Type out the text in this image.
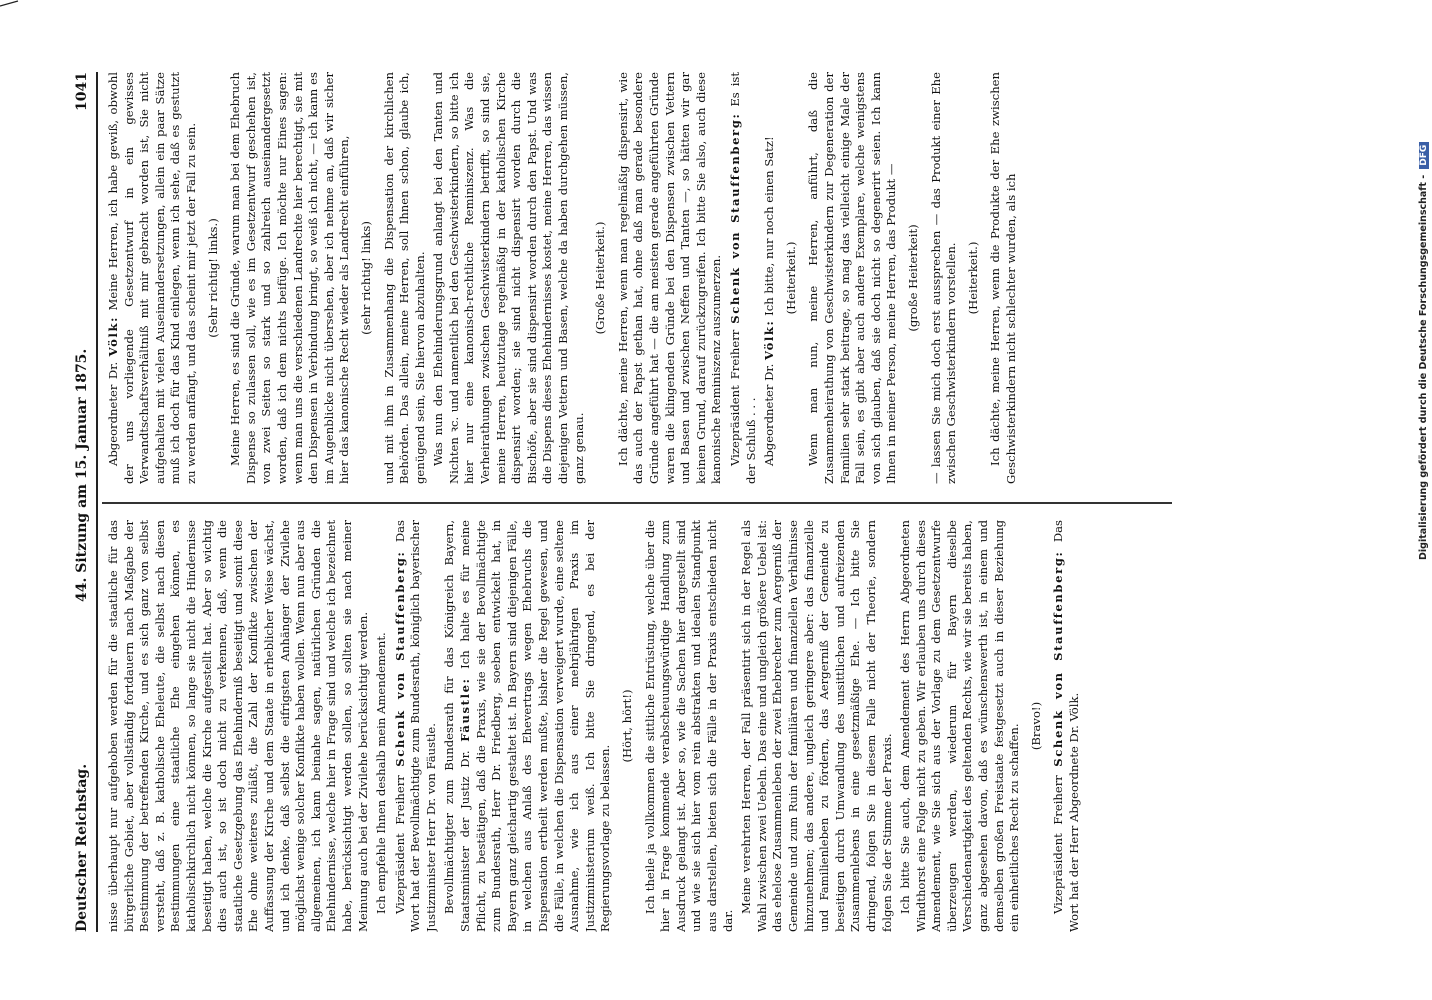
Deutscher Reichstag.
44. Sitzung am 15. Januar 1875.
1041

nisse überhaupt nur aufgehoben werden für die staatliche für das bürgerliche Gebiet, aber vollständig fortdauern nach Maßgabe der Bestimmung der betreffenden Kirche, und es sich ganz von selbst versteht, daß z. B. katholische Eheleute, die selbst nach diesen Bestimmungen eine staatliche Ehe eingehen können, es katholischkirchlich nicht können, so lange sie nicht die Hindernisse beseitigt haben, welche die Kirche aufgestellt hat. Aber so wichtig dies auch ist, so ist doch nicht zu verkennen, daß, wenn die staatliche Gesetzgebung das Ehehinderniß beseitigt und somit diese Ehe ohne weiteres zuläßt, die Zahl der Konflikte zwischen der Auffassung der Kirche und dem Staate in erheblicher Weise wächst, und ich denke, daß selbst die eifrigsten Anhänger der Zivilehe möglichst wenige solcher Konflikte haben wollen. Wenn nun aber aus allgemeinen, ich kann beinahe sagen, natürlichen Gründen die Ehehindernisse, welche hier in Frage sind und welche ich bezeichnet habe, berücksichtigt werden sollen, so sollten sie nach meiner Meinung auch bei der Zivilehe berücksichtigt werden. Ich empfehle Ihnen deshalb mein Amendement. Vizepräsident Freiherr Schenk von Stauffenberg: Das Wort hat der Bevollmächtigte zum Bundesrath, königlich bayerischer Justizminister Herr Dr. von Fäustle. Bevollmächtigter zum Bundesrath für das Königreich Bayern, Staatsminister der Justiz Dr. Fäustle: Ich halte es für meine Pflicht, zu bestätigen, daß die Praxis, wie sie der Bevollmächtigte zum Bundesrath, Herr Dr. Friedberg, soeben entwickelt hat, in Bayern ganz gleichartig gestaltet ist. In Bayern sind diejenigen Fälle, in welchen aus Anlaß des Ehevertrags wegen Ehebruchs die Dispensation ertheilt werden mußte, bisher die Regel gewesen, und die Fälle, in welchen die Dispensation verweigert wurde, eine seltene Ausnahme, wie ich aus einer mehrjährigen Praxis im Justizministerium weiß. Ich bitte Sie dringend, es bei der Regierungsvorlage zu belassen.

(Hört, hört!) Ich theile ja vollkommen die sittliche Entrüstung, welche über die hier in Frage kommende verabscheuungswürdige Handlung zum Ausdruck gelangt ist. Aber so, wie die Sachen hier dargestellt sind und wie sie sich hier vom rein abstrakten und idealen Standpunkt aus darstellen, bieten sich die Fälle in der Praxis entschieden nicht dar.

Meine verehrten Herren, der Fall präsentirt sich in der Regel als Wahl zwischen zwei Uebeln. Das eine und ungleich größere Uebel ist: das ehelose Zusammenleben der zwei Ehebrecher zum Aergerniß der Gemeinde und zum Ruin der familiären und finanziellen Verhältnisse hinzunehmen; das andere, ungleich geringere aber: das finanzielle und Familienleben zu fördern, das Aergerniß der Gemeinde zu beseitigen durch Umwandlung des unsittlichen und aufreizenden Zusammenlebens in eine gesetzmäßige Ehe. — Ich bitte Sie dringend, folgen Sie in diesem Falle nicht der Theorie, sondern folgen Sie der Stimme der Praxis. Ich bitte Sie auch, dem Amendement des Herrn Abgeordneten Windthorst eine Folge nicht zu geben. Wir erlauben uns durch dieses Amendement, wie Sie sich aus der Vorlage zu dem Gesetzentwurfe überzeugen werden, wiederum für Bayern dieselbe Verschiedenartigkeit des geltenden Rechts, wie wir sie bereits haben, ganz abgesehen davon, daß es wünschenswerth ist, in einem und demselben großen Freistaate festgesetzt auch in dieser Beziehung ein einheitliches Recht zu schaffen. (Bravo!)

Vizepräsident Freiherr Schenk von Stauffenberg: Das Wort hat der Herr Abgeordnete Dr. Völk.

Abgeordneter Dr. Völk: Meine Herren, ich habe gewiß, obwohl der uns vorliegende Gesetzentwurf in ein gewisses Verwandtschaftsverhältniß mit mir gebracht worden ist, Sie nicht aufgehalten mit vielen Auseinandersetzungen, allein ein paar Sätze muß ich doch für das Kind einlegen, wenn ich sehe, daß es gestutzt zu werden anfängt, und das scheint mir jetzt der Fall zu sein. (Sehr richtig! links.) Meine Herren, es sind die Gründe, warum man bei dem Ehebruch Dispense so zulassen soll, wie es im Gesetzentwurf geschehen ist, von zwei Seiten so stark und so zahlreich auseinandergesetzt worden, daß ich dem nichts beifüge. Ich möchte nur Eines sagen: wenn man uns die verschiedenen Landrechte hier berechtigt, sie mit den Dispensen in Verbindung bringt, so weiß ich nicht, — ich kann es im Augenblicke nicht übersehen, aber ich nehme an, daß wir sicher hier das kanonische Recht wieder als Landrecht einführen, (sehr richtig! links) und mit ihm in Zusammenhang die Dispensation der kirchlichen Behörden. Das allein, meine Herren, soll Ihnen schon, glaube ich, genügend sein, Sie hiervon abzuhalten. Was nun den Ehehinderungsgrund anlangt bei den Tanten und Nichten ꝛc. und namentlich bei den Geschwisterkindern, so bitte ich hier nur eine kanonisch-rechtliche Reminiszenz. Was die Verheirathungen zwischen Geschwisterkindern betrifft, so sind sie, meine Herren, heutzutage regelmäßig in der katholischen Kirche dispensirt worden; sie sind nicht dispensirt worden durch die Bischöfe, aber sie sind dispensirt worden durch den Papst. Und was die Dispens dieses Ehehindernisses kostet, meine Herren, das wissen diejenigen Vettern und Basen, welche da haben durchgehen müssen, ganz genau.

(Große Heiterkeit.) Ich dächte, meine Herren, wenn man regelmäßig dispensirt, wie das auch der Papst gethan hat, ohne daß man gerade besondere Gründe angeführt hat — die am meisten gerade angeführten Gründe waren die klingenden Gründe bei den Dispensen zwischen Vettern und Basen und zwischen Neffen und Tanten —, so hätten wir gar keinen Grund, darauf zurückzugreifen. Ich bitte Sie also, auch diese kanonische Reminiszenz auszumerzen. Vizepräsident Freiherr Schenk von Stauffenberg: Es ist der Schluß . . . Abgeordneter Dr. Völk: Ich bitte, nur noch einen Satz! (Heiterkeit.) Wenn man nun, meine Herren, anführt, daß die Zusammenheirathung von Geschwisterkindern zur Degeneration der Familien sehr stark beitrage, so mag das vielleicht einige Male der Fall sein, es gibt aber auch andere Exemplare, welche wenigstens von sich glauben, daß sie doch nicht so degenerirt seien. Ich kann Ihnen in meiner Person, meine Herren, das Produkt — (große Heiterkeit) — lassen Sie mich doch erst aussprechen — das Produkt einer Ehe zwischen Geschwisterkindern vorstellen. (Heiterkeit.) Ich dächte, meine Herren, wenn die Produkte der Ehe zwischen Geschwisterkindern nicht schlechter wurden, als ich	Digitalisierung gefördert durch die Deutsche Forschungsgemeinschaft -DFG
